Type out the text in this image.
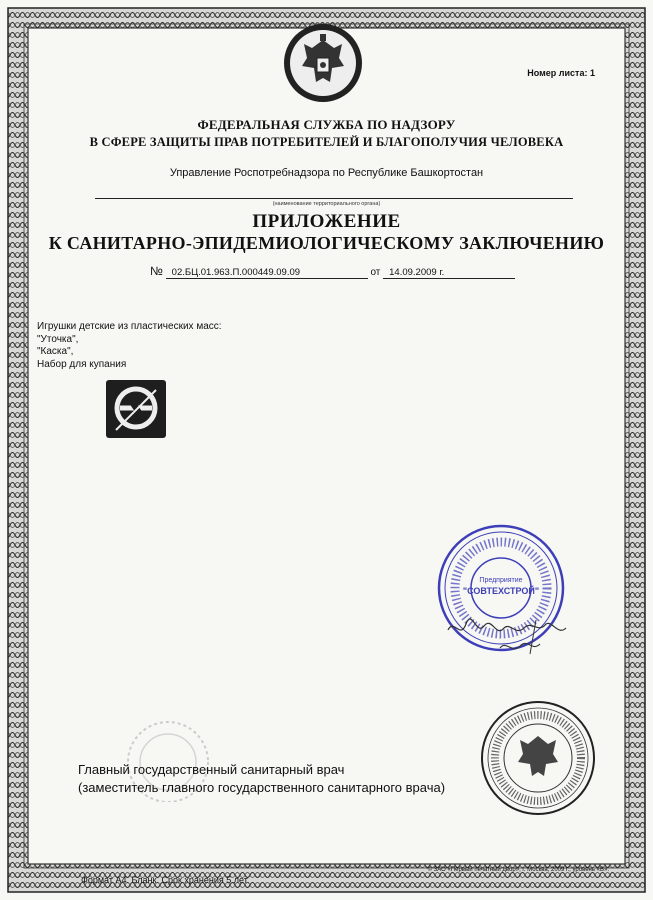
Номер листа: 1
ФЕДЕРАЛЬНАЯ СЛУЖБА ПО НАДЗОРУ
В СФЕРЕ ЗАЩИТЫ ПРАВ ПОТРЕБИТЕЛЕЙ И БЛАГОПОЛУЧИЯ ЧЕЛОВЕКА
Управление Роспотребнадзора по Республике Башкортостан
(наименование территориального органа)
ПРИЛОЖЕНИЕ
К САНИТАРНО-ЭПИДЕМИОЛОГИЧЕСКОМУ ЗАКЛЮЧЕНИЮ
№ 02.БЦ.01.963.П.000449.09.09	от 14.09.2009 г.
Игрушки детские из пластических масс:
"Уточка",
"Каска",
Набор для купания
Предприятие
"СОВТЕХСТРОЙ"
Главный государственный санитарный врач
(заместитель главного государственного санитарного врача)
Формат А4. Бланк. Срок хранения 5 лет.
© ЗАО «Первый печатный двор», г. Москва, 2009 г., уровень «В».
